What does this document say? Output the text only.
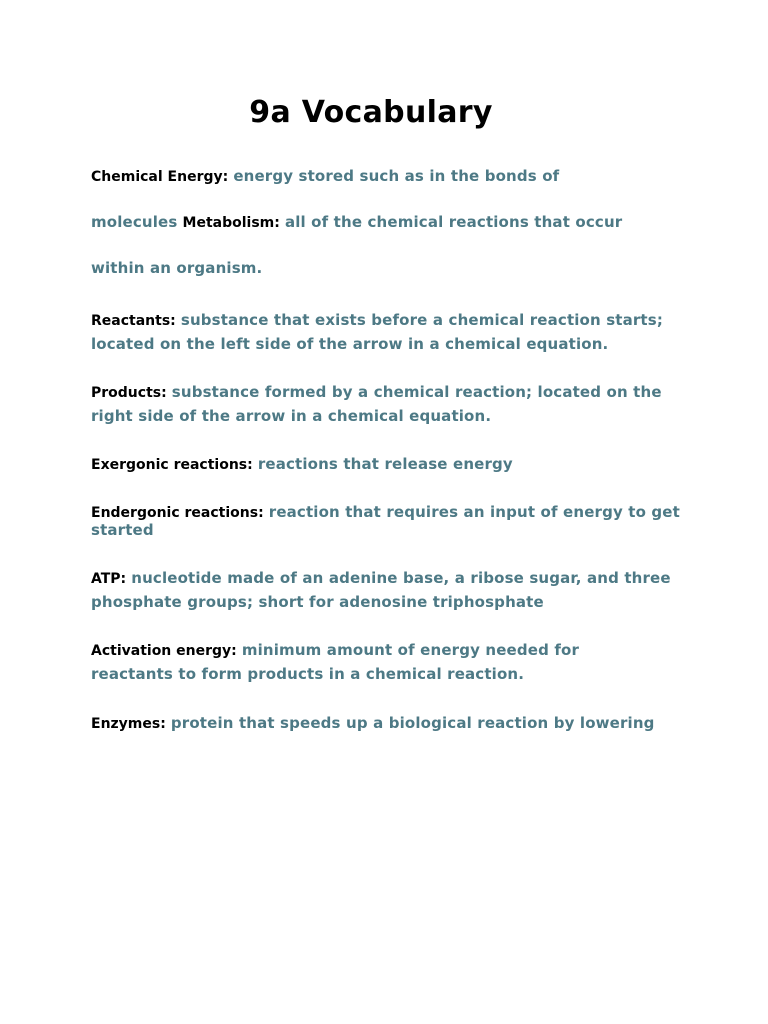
9a Vocabulary
Chemical Energy: energy stored such as in the bonds of
molecules Metabolism: all of the chemical reactions that occur
within an organism.
Reactants: substance that exists before a chemical reaction starts;
located on the left side of the arrow in a chemical equation.
Products: substance formed by a chemical reaction; located on the
right side of the arrow in a chemical equation.
Exergonic reactions: reactions that release energy
Endergonic reactions: reaction that requires an input of energy to get
started
ATP: nucleotide made of an adenine base, a ribose sugar, and three
phosphate groups; short for adenosine triphosphate
Activation energy: minimum amount of energy needed for
reactants to form products in a chemical reaction.
Enzymes: protein that speeds up a biological reaction by lowering
